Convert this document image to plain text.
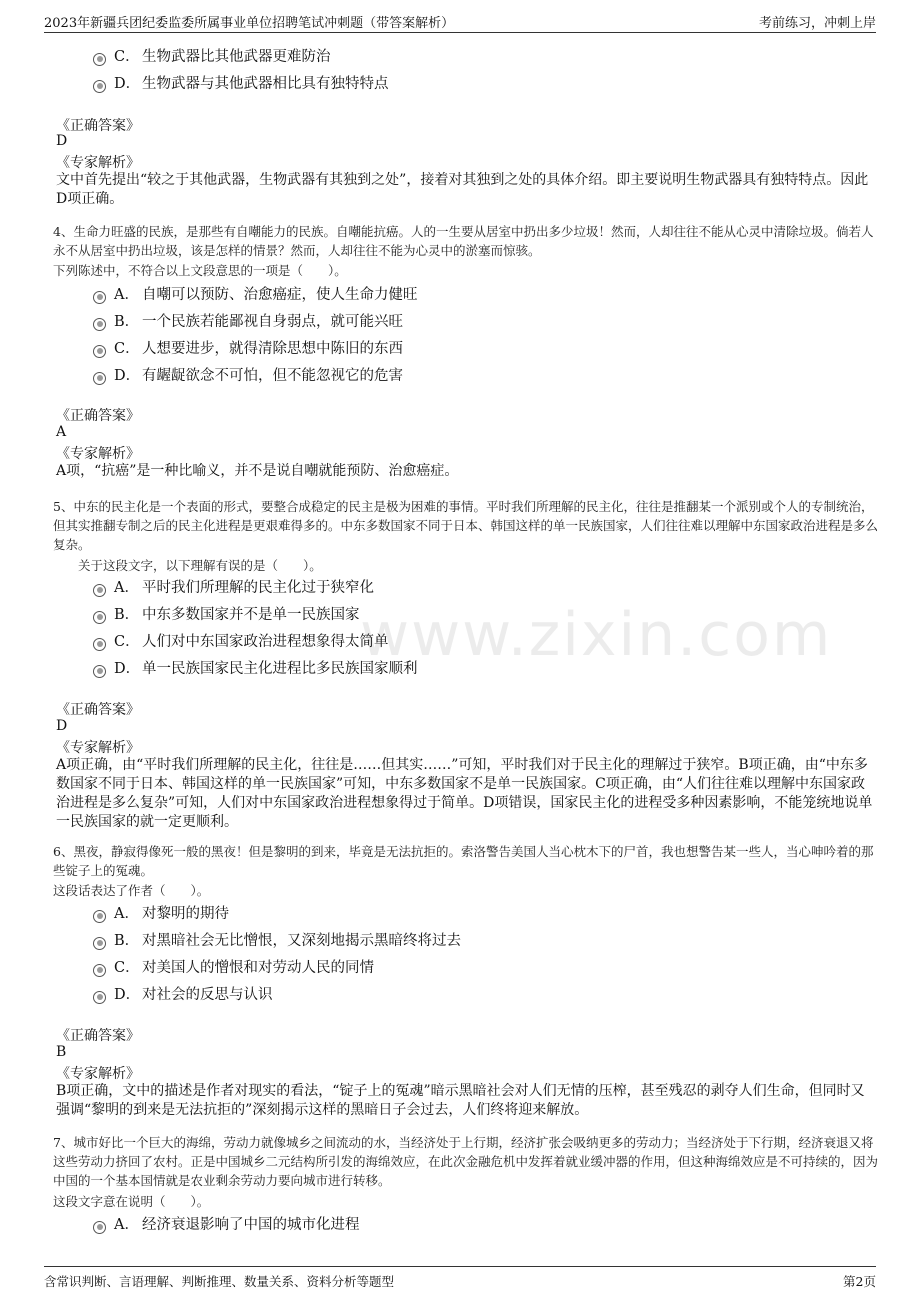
2023年新疆兵团纪委监委所属事业单位招聘笔试冲刺题（带答案解析）	考前练习，冲刺上岸
www.zixin.com
C． 生物武器比其他武器更难防治
D． 生物武器与其他武器相比具有独特特点
《正确答案》
D
《专家解析》
文中首先提出“较之于其他武器，生物武器有其独到之处”，接着对其独到之处的具体介绍。即主要说明生物武器具有独特特点。因此D项正确。
4、生命力旺盛的民族，是那些有自嘲能力的民族。自嘲能抗癌。人的一生要从居室中扔出多少垃圾！然而，人却往往不能从心灵中清除垃圾。倘若人永不从居室中扔出垃圾，该是怎样的情景？然而，人却往往不能为心灵中的淤塞而惊骇。
下列陈述中，不符合以上文段意思的一项是（　　）。
A． 自嘲可以预防、治愈癌症，使人生命力健旺
B． 一个民族若能鄙视自身弱点，就可能兴旺
C． 人想要进步，就得清除思想中陈旧的东西
D． 有龌龊欲念不可怕，但不能忽视它的危害
《正确答案》
A
《专家解析》
A项，“抗癌”是一种比喻义，并不是说自嘲就能预防、治愈癌症。
5、中东的民主化是一个表面的形式，要整合成稳定的民主是极为困难的事情。平时我们所理解的民主化，往往是推翻某一个派别或个人的专制统治，但其实推翻专制之后的民主化进程是更艰难得多的。中东多数国家不同于日本、韩国这样的单一民族国家，人们往往难以理解中东国家政治进程是多么复杂。
关于这段文字，以下理解有误的是（　　）。
A． 平时我们所理解的民主化过于狭窄化
B． 中东多数国家并不是单一民族国家
C． 人们对中东国家政治进程想象得太简单
D． 单一民族国家民主化进程比多民族国家顺利
《正确答案》
D
《专家解析》
A项正确，由“平时我们所理解的民主化，往往是……但其实……”可知，平时我们对于民主化的理解过于狭窄。B项正确，由“中东多数国家不同于日本、韩国这样的单一民族国家”可知，中东多数国家不是单一民族国家。C项正确，由“人们往往难以理解中东国家政治进程是多么复杂”可知，人们对中东国家政治进程想象得过于简单。D项错误，国家民主化的进程受多种因素影响，不能笼统地说单一民族国家的就一定更顺利。
6、黑夜，静寂得像死一般的黑夜！但是黎明的到来，毕竟是无法抗拒的。索洛警告美国人当心枕木下的尸首，我也想警告某一些人，当心呻吟着的那些锭子上的冤魂。
这段话表达了作者（　　）。
A． 对黎明的期待
B． 对黑暗社会无比憎恨，又深刻地揭示黑暗终将过去
C． 对美国人的憎恨和对劳动人民的同情
D． 对社会的反思与认识
《正确答案》
B
《专家解析》
B项正确，文中的描述是作者对现实的看法，“锭子上的冤魂”暗示黑暗社会对人们无情的压榨，甚至残忍的剥夺人们生命，但同时又强调“黎明的到来是无法抗拒的”深刻揭示这样的黑暗日子会过去，人们终将迎来解放。
7、城市好比一个巨大的海绵，劳动力就像城乡之间流动的水，当经济处于上行期，经济扩张会吸纳更多的劳动力；当经济处于下行期，经济衰退又将这些劳动力挤回了农村。正是中国城乡二元结构所引发的海绵效应，在此次金融危机中发挥着就业缓冲器的作用，但这种海绵效应是不可持续的，因为中国的一个基本国情就是农业剩余劳动力要向城市进行转移。
这段文字意在说明（　　）。
A． 经济衰退影响了中国的城市化进程
含常识判断、言语理解、判断推理、数量关系、资料分析等题型	第2页
